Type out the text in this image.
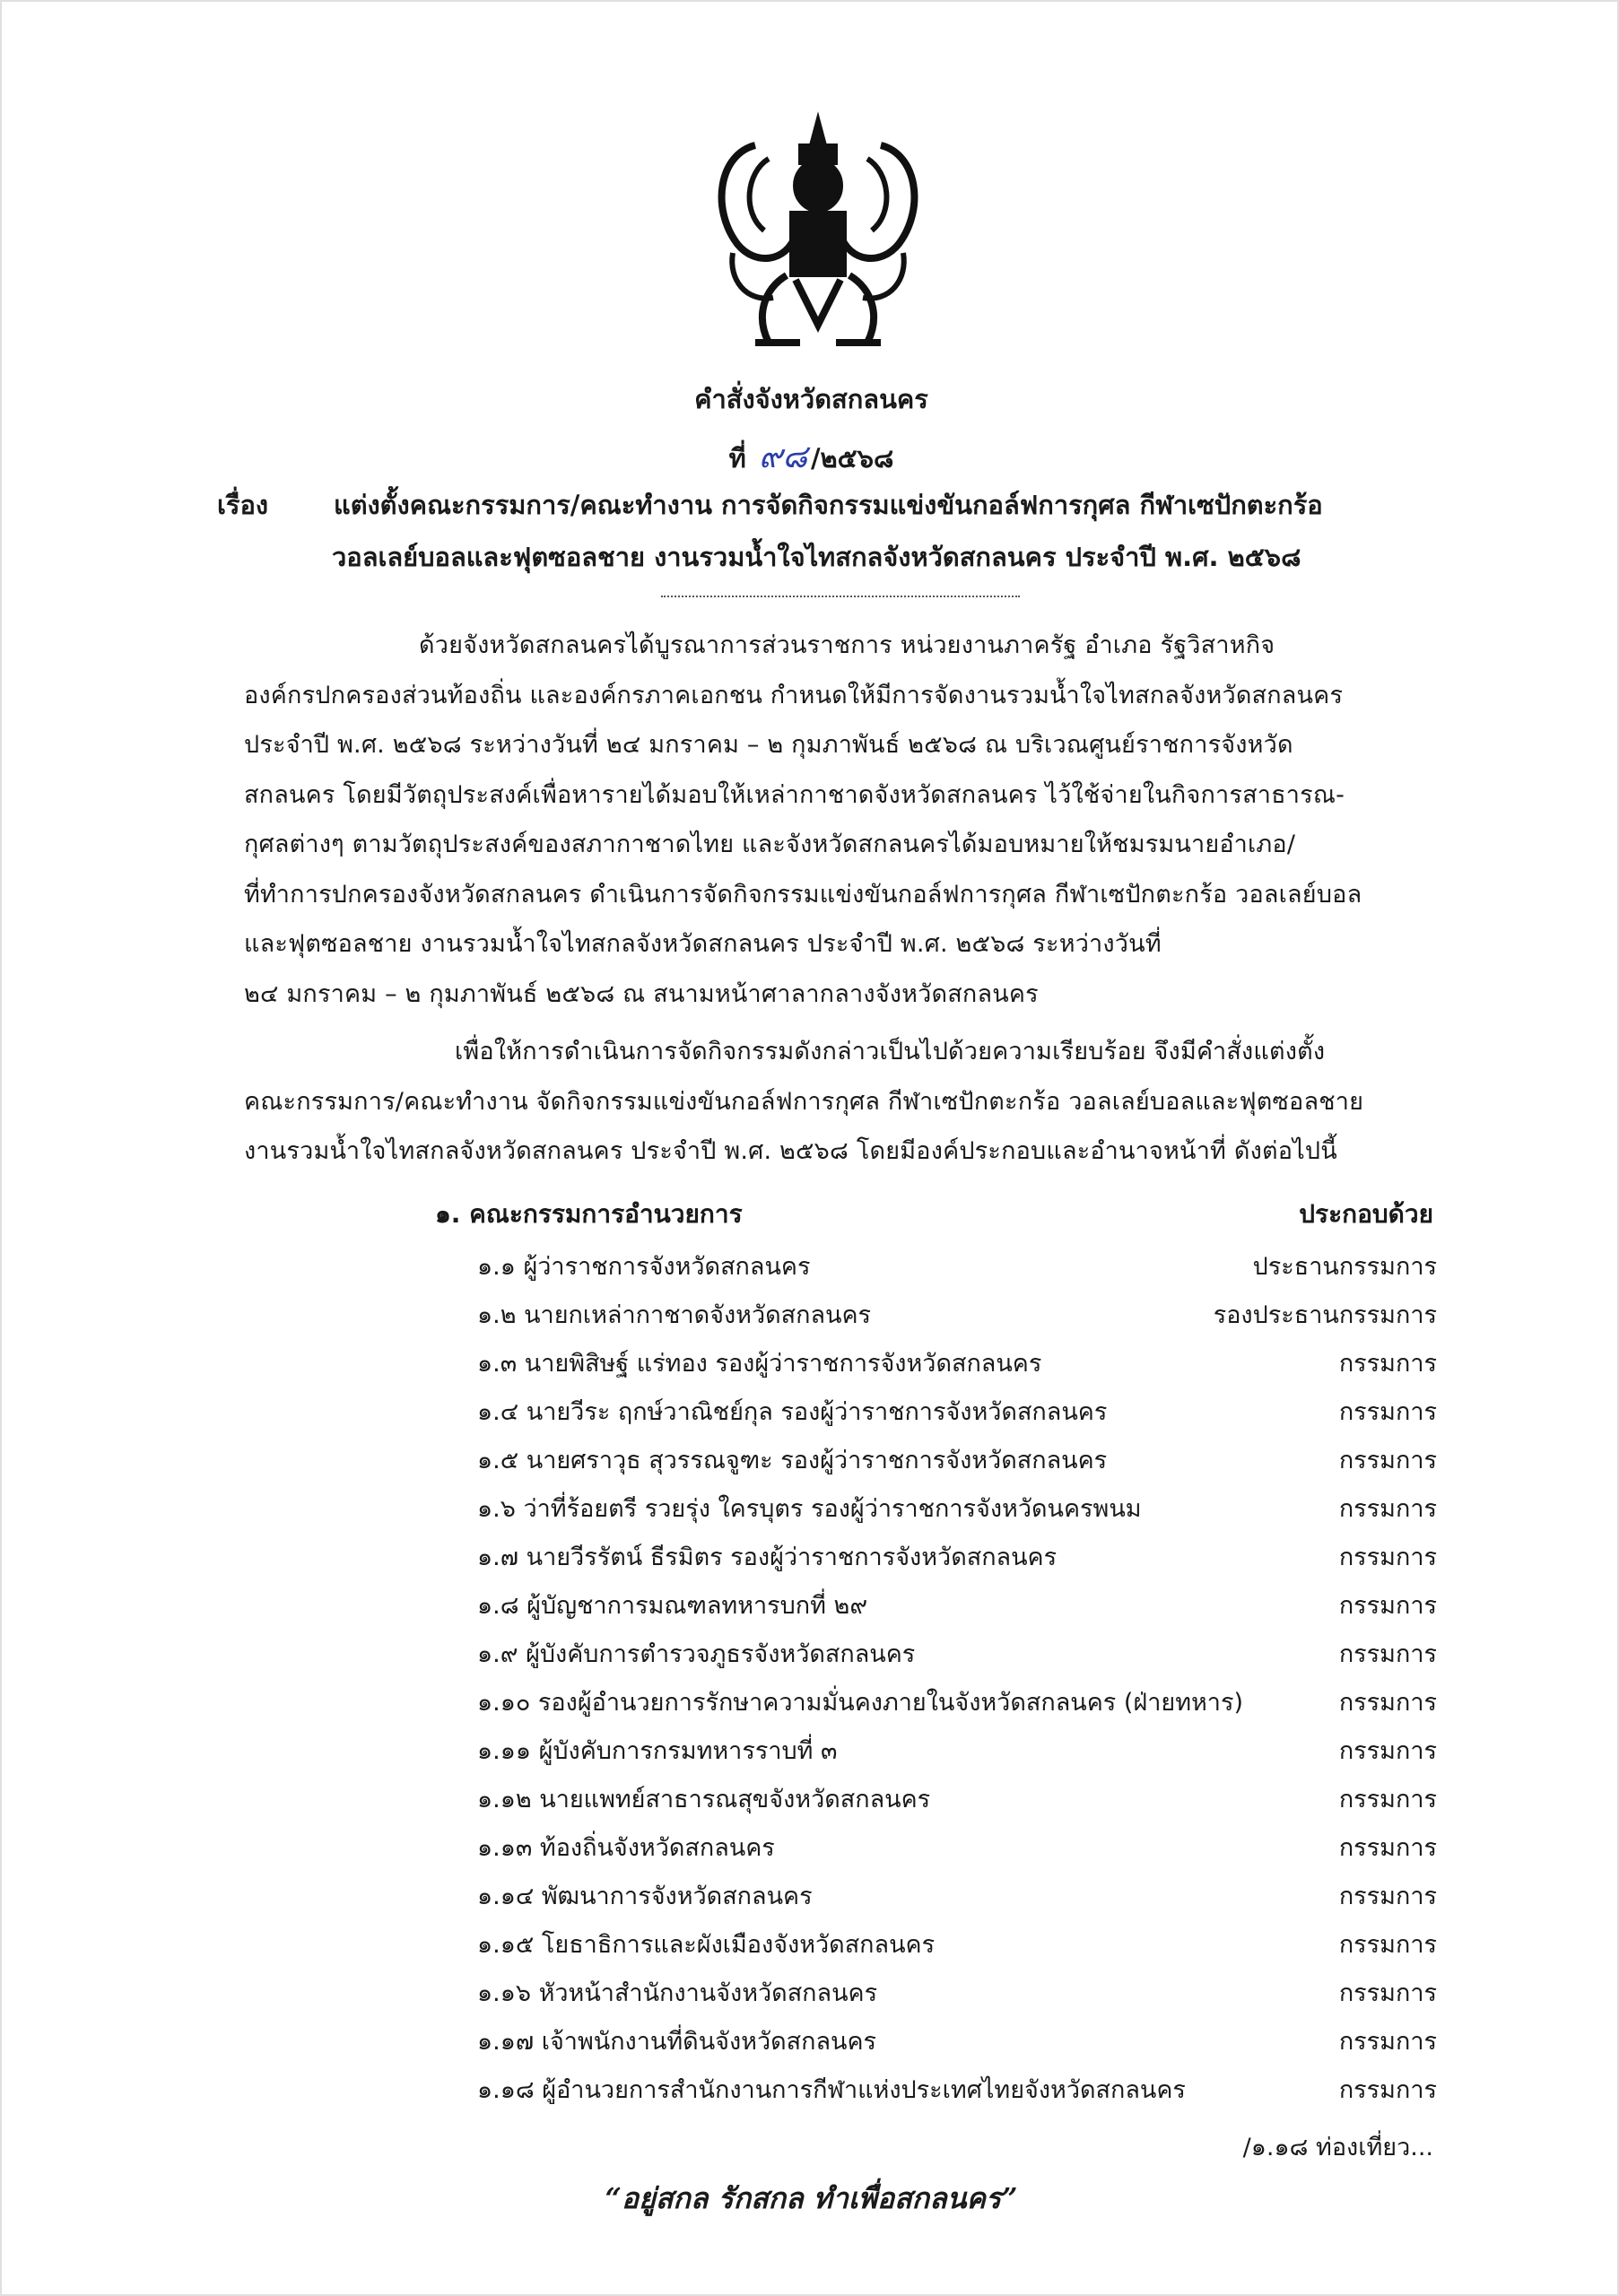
คำสั่งจังหวัดสกลนคร
ที่ ๙๘ /๒๕๖๘
เรื่อง	แต่งตั้งคณะกรรมการ/คณะทำงาน การจัดกิจกรรมแข่งขันกอล์ฟการกุศล กีฬาเซปักตะกร้อ
วอลเลย์บอลและฟุตซอลชาย งานรวมน้ำใจไทสกลจังหวัดสกลนคร ประจำปี พ.ศ. ๒๕๖๘
ด้วยจังหวัดสกลนครได้บูรณาการส่วนราชการ หน่วยงานภาครัฐ อำเภอ รัฐวิสาหกิจ
องค์กรปกครองส่วนท้องถิ่น และองค์กรภาคเอกชน กำหนดให้มีการจัดงานรวมน้ำใจไทสกลจังหวัดสกลนคร
ประจำปี พ.ศ. ๒๕๖๘ ระหว่างวันที่ ๒๔ มกราคม – ๒ กุมภาพันธ์ ๒๕๖๘ ณ บริเวณศูนย์ราชการจังหวัด
สกลนคร โดยมีวัตถุประสงค์เพื่อหารายได้มอบให้เหล่ากาชาดจังหวัดสกลนคร ไว้ใช้จ่ายในกิจการสาธารณ-
กุศลต่างๆ ตามวัตถุประสงค์ของสภากาชาดไทย และจังหวัดสกลนครได้มอบหมายให้ชมรมนายอำเภอ/
ที่ทำการปกครองจังหวัดสกลนคร ดำเนินการจัดกิจกรรมแข่งขันกอล์ฟการกุศล กีฬาเซปักตะกร้อ วอลเลย์บอล
และฟุตซอลชาย งานรวมน้ำใจไทสกลจังหวัดสกลนคร ประจำปี พ.ศ. ๒๕๖๘ ระหว่างวันที่
๒๔ มกราคม – ๒ กุมภาพันธ์ ๒๕๖๘ ณ สนามหน้าศาลากลางจังหวัดสกลนคร
เพื่อให้การดำเนินการจัดกิจกรรมดังกล่าวเป็นไปด้วยความเรียบร้อย จึงมีคำสั่งแต่งตั้ง
คณะกรรมการ/คณะทำงาน จัดกิจกรรมแข่งขันกอล์ฟการกุศล กีฬาเซปักตะกร้อ วอลเลย์บอลและฟุตซอลชาย
งานรวมน้ำใจไทสกลจังหวัดสกลนคร ประจำปี พ.ศ. ๒๕๖๘ โดยมีองค์ประกอบและอำนาจหน้าที่ ดังต่อไปนี้
๑. คณะกรรมการอำนวยการ	ประกอบด้วย
๑.๑ ผู้ว่าราชการจังหวัดสกลนคร	ประธานกรรมการ
๑.๒ นายกเหล่ากาชาดจังหวัดสกลนคร	รองประธานกรรมการ
๑.๓ นายพิสิษฐ์ แร่ทอง รองผู้ว่าราชการจังหวัดสกลนคร	กรรมการ
๑.๔ นายวีระ ฤกษ์วาณิชย์กุล รองผู้ว่าราชการจังหวัดสกลนคร	กรรมการ
๑.๕ นายศราวุธ สุวรรณจูฑะ รองผู้ว่าราชการจังหวัดสกลนคร	กรรมการ
๑.๖ ว่าที่ร้อยตรี รวยรุ่ง ใครบุตร รองผู้ว่าราชการจังหวัดนครพนม	กรรมการ
๑.๗ นายวีรรัตน์ ธีรมิตร รองผู้ว่าราชการจังหวัดสกลนคร	กรรมการ
๑.๘ ผู้บัญชาการมณฑลทหารบกที่ ๒๙	กรรมการ
๑.๙ ผู้บังคับการตำรวจภูธรจังหวัดสกลนคร	กรรมการ
๑.๑๐ รองผู้อำนวยการรักษาความมั่นคงภายในจังหวัดสกลนคร (ฝ่ายทหาร)	กรรมการ
๑.๑๑ ผู้บังคับการกรมทหารราบที่ ๓	กรรมการ
๑.๑๒ นายแพทย์สาธารณสุขจังหวัดสกลนคร	กรรมการ
๑.๑๓ ท้องถิ่นจังหวัดสกลนคร	กรรมการ
๑.๑๔ พัฒนาการจังหวัดสกลนคร	กรรมการ
๑.๑๕ โยธาธิการและผังเมืองจังหวัดสกลนคร	กรรมการ
๑.๑๖ หัวหน้าสำนักงานจังหวัดสกลนคร	กรรมการ
๑.๑๗ เจ้าพนักงานที่ดินจังหวัดสกลนคร	กรรมการ
๑.๑๘ ผู้อำนวยการสำนักงานการกีฬาแห่งประเทศไทยจังหวัดสกลนคร	กรรมการ
/๑.๑๘ ท่องเที่ยว...
“อยู่สกล รักสกล ทำเพื่อสกลนคร”
